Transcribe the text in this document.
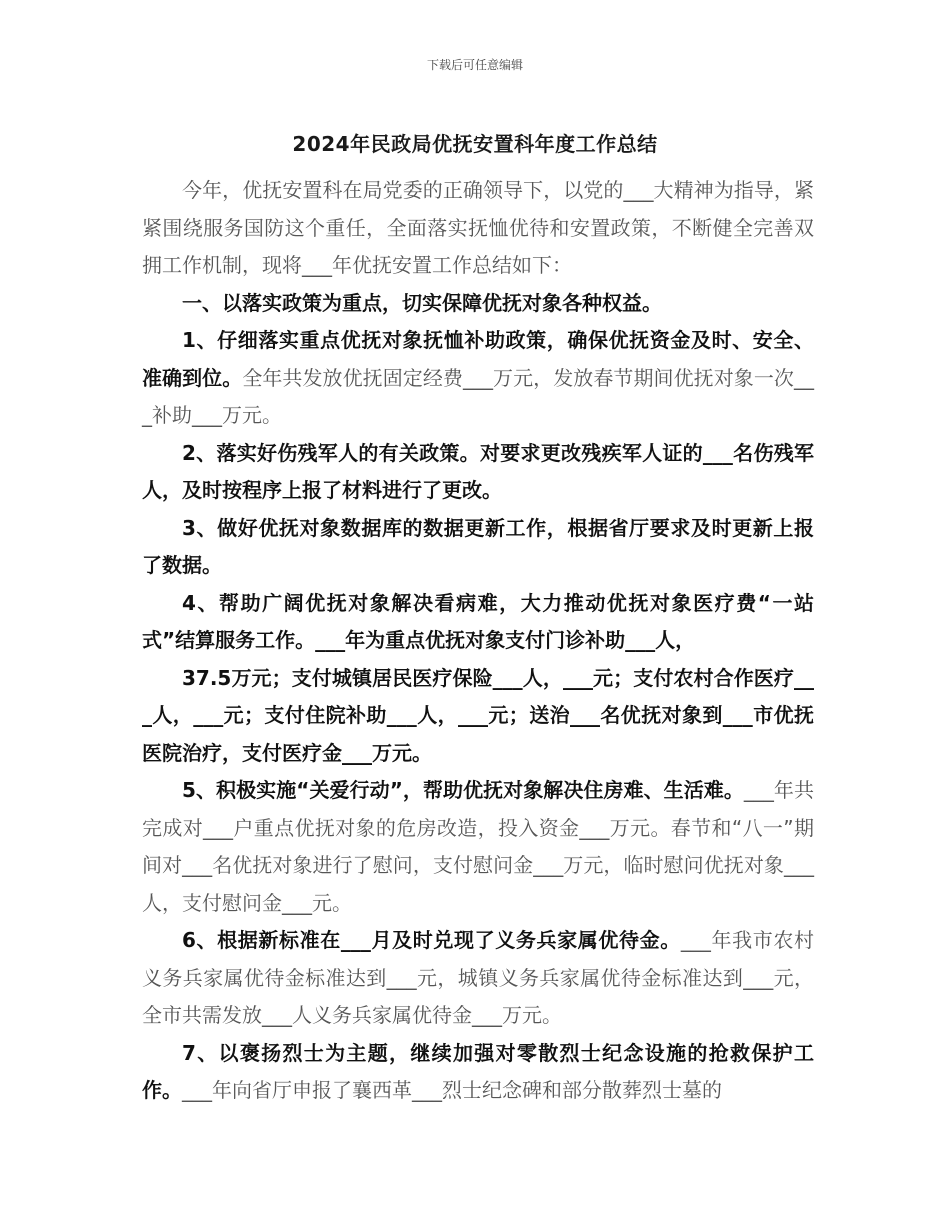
下载后可任意编辑
2024年民政局优抚安置科年度工作总结

今年，优抚安置科在局党委的正确领导下，以党的___大精神为指导，紧紧围绕服务国防这个重任，全面落实抚恤优待和安置政策，不断健全完善双拥工作机制，现将___年优抚安置工作总结如下：

一、以落实政策为重点，切实保障优抚对象各种权益。

1、仔细落实重点优抚对象抚恤补助政策，确保优抚资金及时、安全、准确到位。全年共发放优抚固定经费___万元，发放春节期间优抚对象一次___补助___万元。

2、落实好伤残军人的有关政策。对要求更改残疾军人证的___名伤残军人，及时按程序上报了材料进行了更改。

3、做好优抚对象数据库的数据更新工作，根据省厅要求及时更新上报了数据。

4、帮助广阔优抚对象解决看病难，大力推动优抚对象医疗费“一站式”结算服务工作。___年为重点优抚对象支付门诊补助___人，

37.5万元；支付城镇居民医疗保险___人，___元；支付农村合作医疗___人，___元；支付住院补助___人，___元；送治___名优抚对象到___市优抚医院治疗，支付医疗金___万元。

5、积极实施“关爱行动”，帮助优抚对象解决住房难、生活难。___年共完成对___户重点优抚对象的危房改造，投入资金___万元。春节和“八一”期间对___名优抚对象进行了慰问，支付慰问金___万元，临时慰问优抚对象___人，支付慰问金___元。

6、根据新标准在___月及时兑现了义务兵家属优待金。___年我市农村义务兵家属优待金标准达到___元，城镇义务兵家属优待金标准达到___元，全市共需发放___人义务兵家属优待金___万元。

7、以褒扬烈士为主题，继续加强对零散烈士纪念设施的抢救保护工作。___年向省厅申报了襄西革___烈士纪念碑和部分散葬烈士墓的
